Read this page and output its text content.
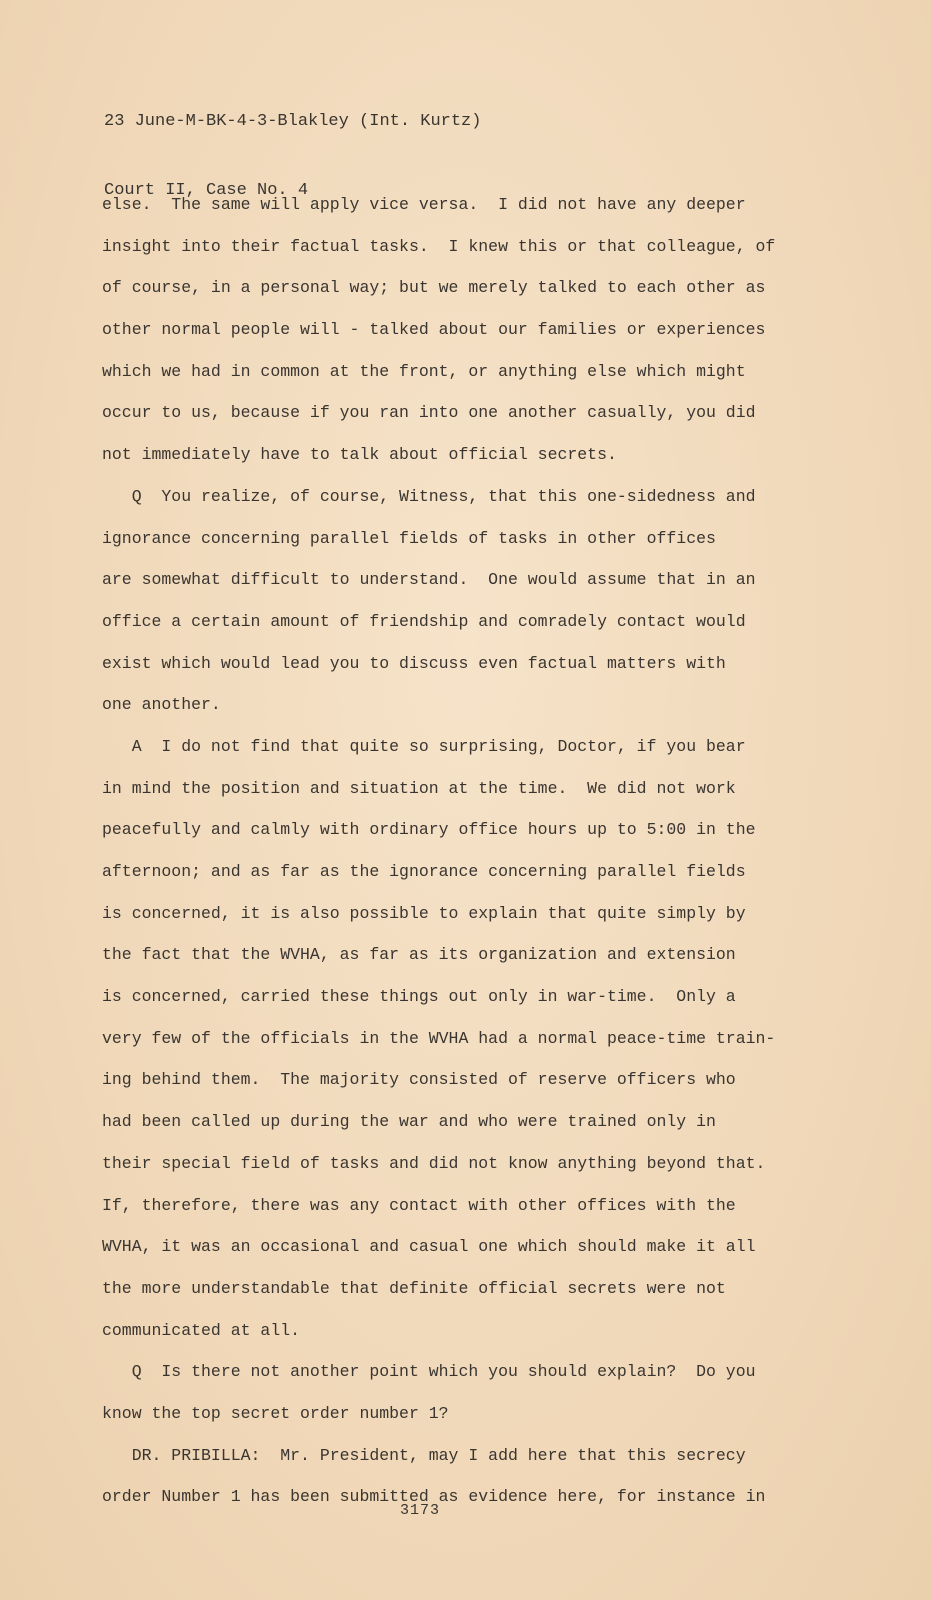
23 June-M-BK-4-3-Blakley (Int. Kurtz)

Court II, Case No. 4

else.  The same will apply vice versa.  I did not have any deeper
insight into their factual tasks.  I knew this or that colleague, of
of course, in a personal way; but we merely talked to each other as
other normal people will - talked about our families or experiences
which we had in common at the front, or anything else which might
occur to us, because if you ran into one another casually, you did
not immediately have to talk about official secrets.
Q  You realize, of course, Witness, that this one-sidedness and
ignorance concerning parallel fields of tasks in other offices
are somewhat difficult to understand.  One would assume that in an
office a certain amount of friendship and comradely contact would
exist which would lead you to discuss even factual matters with
one another.
A  I do not find that quite so surprising, Doctor, if you bear
in mind the position and situation at the time.  We did not work
peacefully and calmly with ordinary office hours up to 5:00 in the
afternoon; and as far as the ignorance concerning parallel fields
is concerned, it is also possible to explain that quite simply by
the fact that the WVHA, as far as its organization and extension
is concerned, carried these things out only in war-time.  Only a
very few of the officials in the WVHA had a normal peace-time train-
ing behind them.  The majority consisted of reserve officers who
had been called up during the war and who were trained only in
their special field of tasks and did not know anything beyond that.
If, therefore, there was any contact with other offices with the
WVHA, it was an occasional and casual one which should make it all
the more understandable that definite official secrets were not
communicated at all.
Q  Is there not another point which you should explain?  Do you
know the top secret order number 1?
DR. PRIBILLA:  Mr. President, may I add here that this secrecy
order Number 1 has been submitted as evidence here, for instance in
3173
